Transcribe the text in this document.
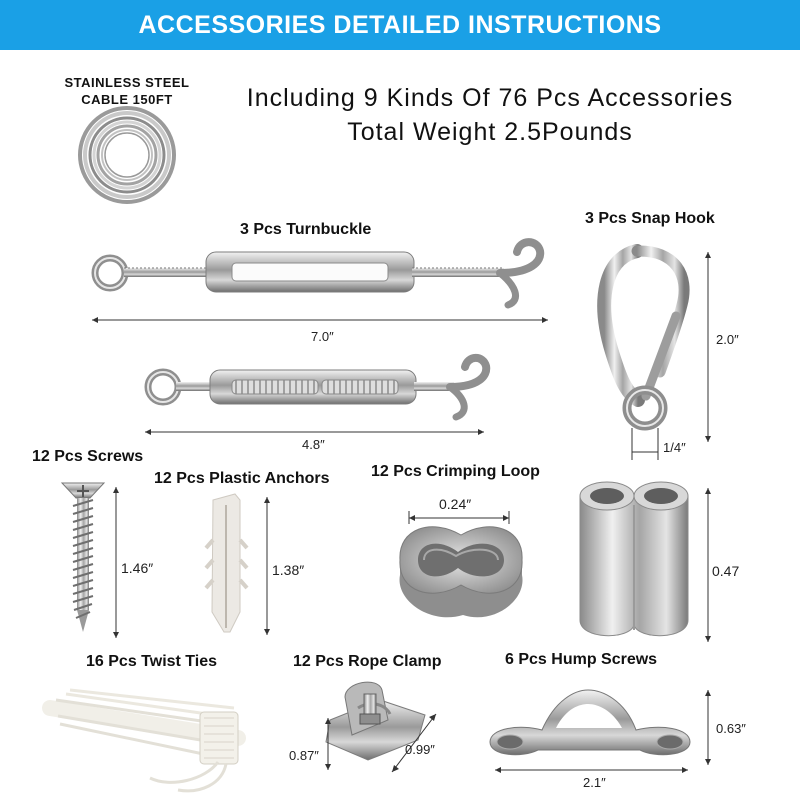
ACCESSORIES DETAILED INSTRUCTIONS
Including 9 Kinds Of 76 Pcs Accessories
Total Weight 2.5Pounds
STAINLESS STEEL
CABLE 150FT
3 Pcs Turnbuckle
7.0″
4.8″
3 Pcs Snap Hook
2.0″
1/4″
12 Pcs Screws
1.46″
12 Pcs Plastic Anchors
1.38″
12 Pcs Crimping Loop
0.24″
0.47
16 Pcs Twist Ties	12 Pcs Rope Clamp
0.87″	0.99″
6 Pcs Hump Screws
2.1″
0.63″
